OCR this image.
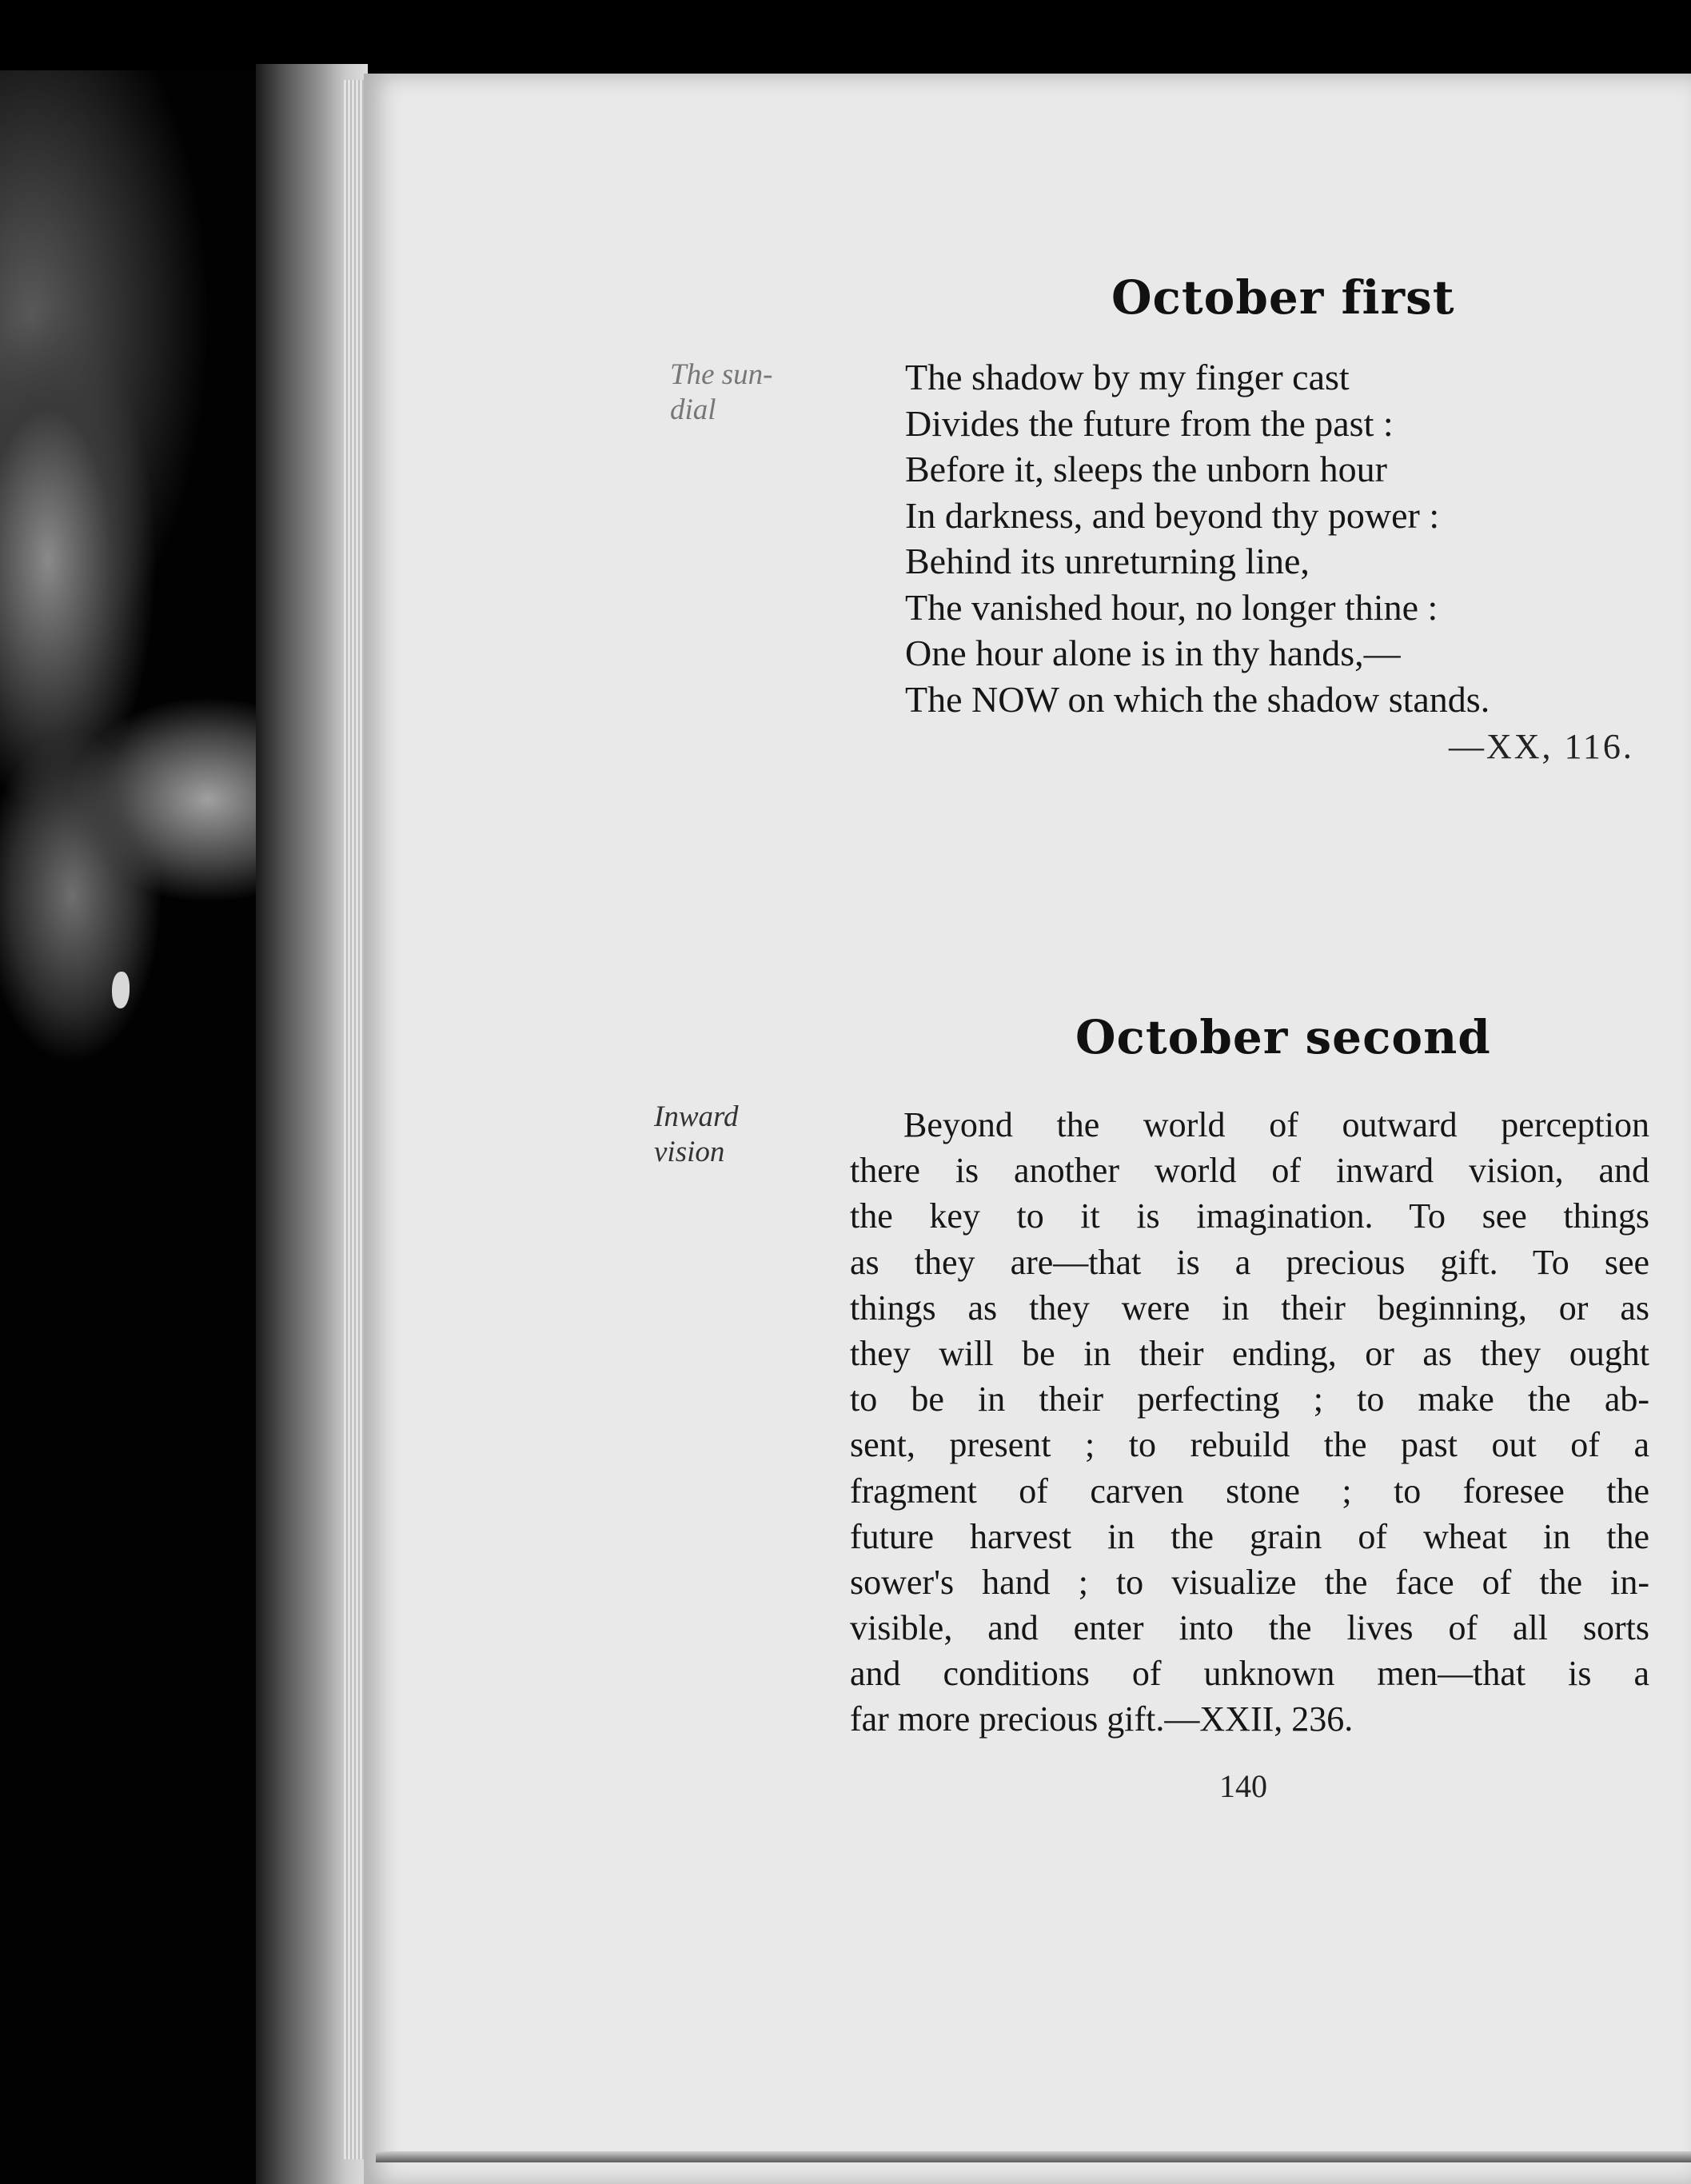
October first
The sun-
dial
The shadow by my finger cast
Divides the future from the past :
Before it, sleeps the unborn hour
In darkness, and beyond thy power :
Behind its unreturning line,
The vanished hour, no longer thine :
One hour alone is in thy hands,—
The NOW on which the shadow stands.
—XX, 116.
October second
Inward
vision
Beyond the world of outward perception
there is another world of inward vision, and
the key to it is imagination. To see things
as they are—that is a precious gift. To see
things as they were in their beginning, or as
they will be in their ending, or as they ought
to be in their perfecting ; to make the ab-
sent, present ; to rebuild the past out of a
fragment of carven stone ; to foresee the
future harvest in the grain of wheat in the
sower's hand ; to visualize the face of the in-
visible, and enter into the lives of all sorts
and conditions of unknown men—that is a
far more precious gift.—XXII, 236.
140
